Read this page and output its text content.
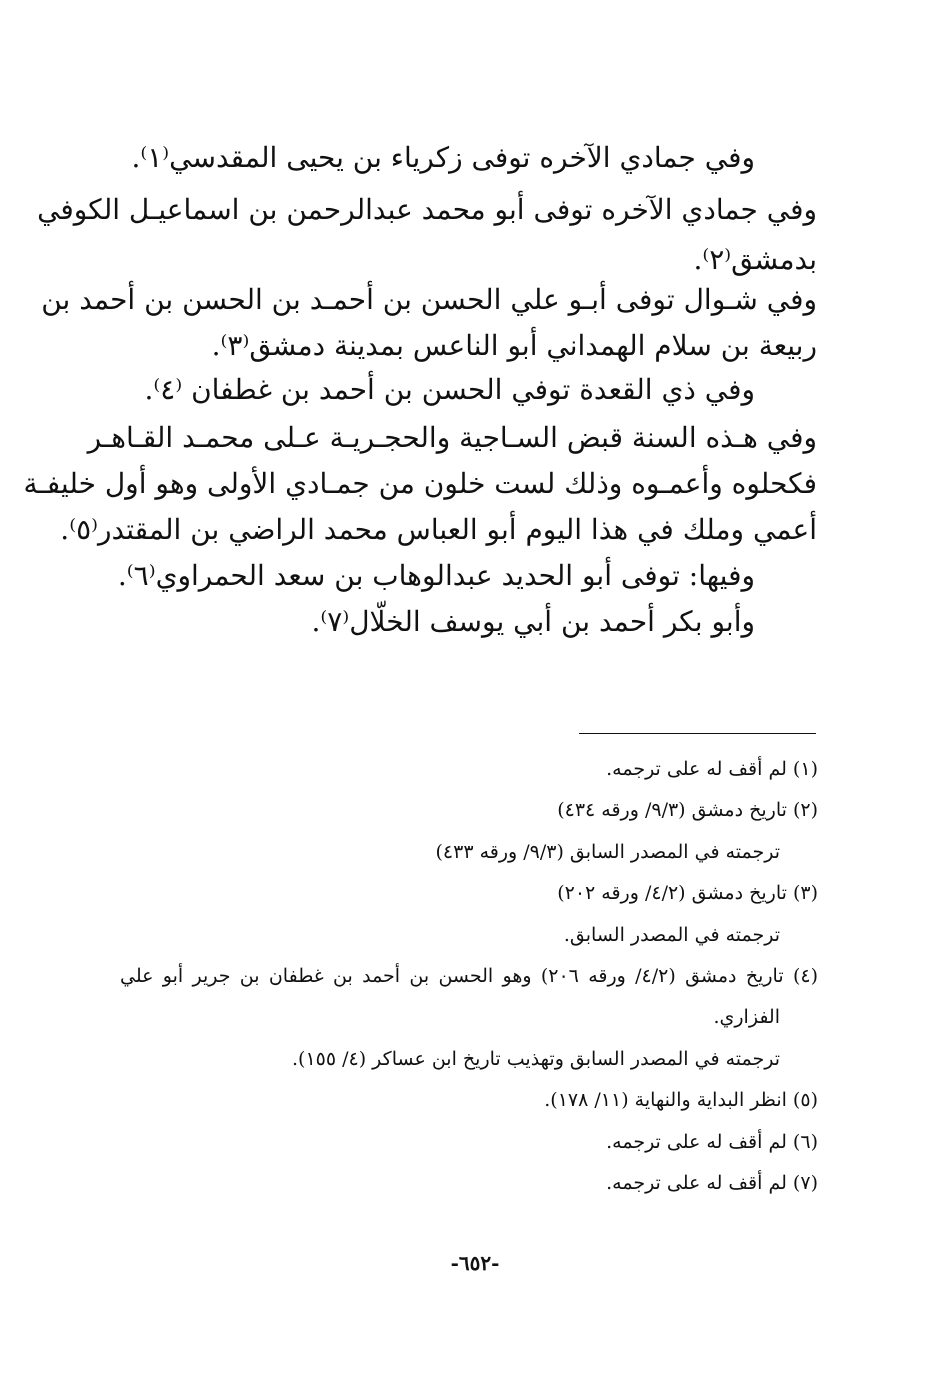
وفي جمادي الآخره توفى زكرياء بن يحيى المقدسي⁽١⁾.
وفي جمادي الآخره توفى أبو محمد عبدالرحمن بن اسماعيـل الكوفي
بدمشق⁽٢⁾.
وفي شـوال توفى أبـو علي الحسن بن أحمـد بن الحسن بن أحمد بن
ربيعة بن سلام الهمداني أبو الناعس بمدينة دمشق⁽٣⁾.
وفي ذي القعدة توفي الحسن بن أحمد بن غطفان ⁽٤⁾.
وفي هـذه السنة قبض السـاجية والحجـريـة عـلى محمـد القـاهـر
فكحلوه وأعمـوه وذلك لست خلون من جمـادي الأولى وهو أول خليفـة
أعمي وملك في هذا اليوم أبو العباس محمد الراضي بن المقتدر⁽٥⁾.
وفيها: توفى أبو الحديد عبدالوهاب بن سعد الحمراوي⁽٦⁾.
وأبو بكر أحمد بن أبي يوسف الخلّال⁽٧⁾.
(١) لم أقف له على ترجمه.
(٢) تاريخ دمشق (٩/٣/ ورقه ٤٣٤)
ترجمته في المصدر السابق (٩/٣/ ورقه ٤٣٣)
(٣) تاريخ دمشق (٤/٢/ ورقه ٢٠٢)
ترجمته في المصدر السابق.
(٤) تاريخ دمشق (٤/٢/ ورقه ٢٠٦) وهو الحسن بن أحمد بن غطفان بن جرير أبو علي
الفزاري.
ترجمته في المصدر السابق وتهذيب تاريخ ابن عساكر (٤/ ١٥٥).
(٥) انظر البداية والنهاية (١١/ ١٧٨).
(٦) لم أقف له على ترجمه.
(٧) لم أقف له على ترجمه.
-٦٥٢-
